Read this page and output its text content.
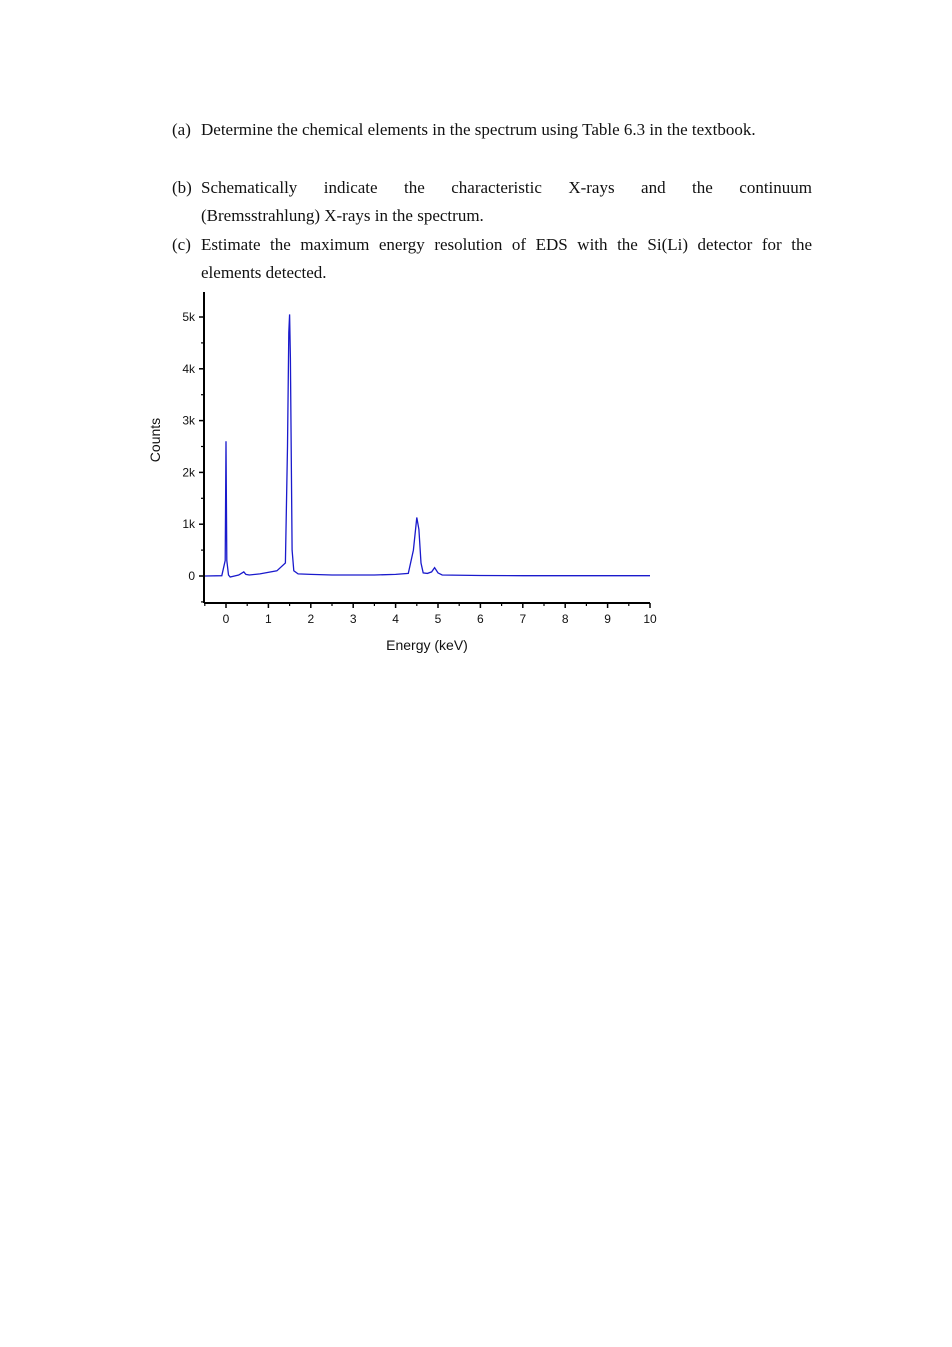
(a) Determine the chemical elements in the spectrum using Table 6.3 in the textbook.
(b) Schematically indicate the characteristic X-rays and the continuum
(Bremsstrahlung) X-rays in the spectrum.
(c) Estimate the maximum energy resolution of EDS with the Si(Li) detector for the elements detected.
0	1	2	3	4	5	6	7	8	9	10
0
1k
2k
3k
4k
5k
Energy (keV)
Counts
